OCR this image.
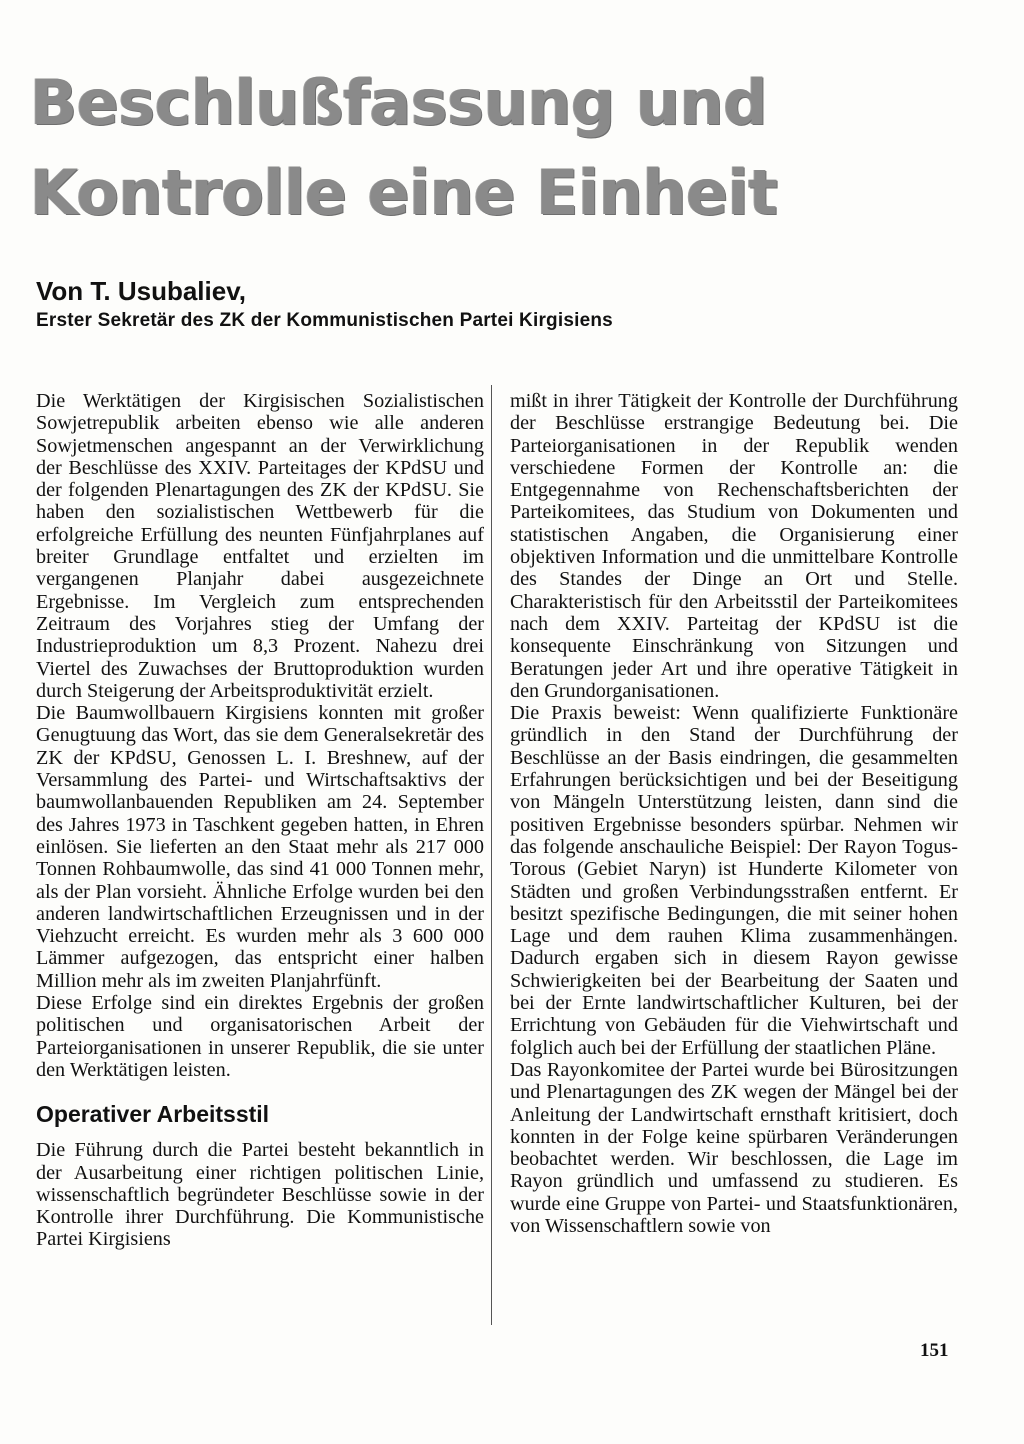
Beschlußfassung und
Kontrolle eine Einheit

Von T. Usubaliev,

Erster Sekretär des ZK der Kommunistischen Partei Kirgisiens

Die Werktätigen der Kirgisischen Sozialistischen Sowjetrepublik arbeiten ebenso wie alle anderen Sowjetmenschen angespannt an der Verwirklichung der Beschlüsse des XXIV. Parteitages der KPdSU und der folgenden Plenartagungen des ZK der KPdSU. Sie haben den sozialistischen Wettbewerb für die erfolgreiche Erfüllung des neunten Fünfjahrplanes auf breiter Grundlage entfaltet und erzielten im vergangenen Planjahr dabei ausgezeichnete Ergebnisse. Im Vergleich zum entsprechenden Zeitraum des Vorjahres stieg der Umfang der Industrieproduktion um 8,3 Prozent. Nahezu drei Viertel des Zuwachses der Bruttoproduktion wurden durch Steigerung der Arbeitsproduktivität erzielt.

Die Baumwollbauern Kirgisiens konnten mit großer Genugtuung das Wort, das sie dem Generalsekretär des ZK der KPdSU, Genossen L. I. Breshnew, auf der Versammlung des Partei- und Wirtschaftsaktivs der baumwollanbauenden Republiken am 24. September des Jahres 1973 in Taschkent gegeben hatten, in Ehren einlösen. Sie lieferten an den Staat mehr als 217 000 Tonnen Rohbaumwolle, das sind 41 000 Tonnen mehr, als der Plan vorsieht. Ähnliche Erfolge wurden bei den anderen landwirtschaftlichen Erzeugnissen und in der Viehzucht erreicht. Es wurden mehr als 3 600 000 Lämmer aufgezogen, das entspricht einer halben Million mehr als im zweiten Planjahrfünft.

Diese Erfolge sind ein direktes Ergebnis der großen politischen und organisatorischen Arbeit der Parteiorganisationen in unserer Republik, die sie unter den Werktätigen leisten.

Operativer Arbeitsstil

Die Führung durch die Partei besteht bekanntlich in der Ausarbeitung einer richtigen politischen Linie, wissenschaftlich begründeter Beschlüsse sowie in der Kontrolle ihrer Durchführung. Die Kommunistische Partei Kirgisiens

mißt in ihrer Tätigkeit der Kontrolle der Durchführung der Beschlüsse erstrangige Bedeutung bei. Die Parteiorganisationen in der Republik wenden verschiedene Formen der Kontrolle an: die Entgegennahme von Rechenschaftsberichten der Parteikomitees, das Studium von Dokumenten und statistischen Angaben, die Organisierung einer objektiven Information und die unmittelbare Kontrolle des Standes der Dinge an Ort und Stelle. Charakteristisch für den Arbeitsstil der Parteikomitees nach dem XXIV. Parteitag der KPdSU ist die konsequente Einschränkung von Sitzungen und Beratungen jeder Art und ihre operative Tätigkeit in den Grundorganisationen.

Die Praxis beweist: Wenn qualifizierte Funktionäre gründlich in den Stand der Durchführung der Beschlüsse an der Basis eindringen, die gesammelten Erfahrungen berücksichtigen und bei der Beseitigung von Mängeln Unterstützung leisten, dann sind die positiven Ergebnisse besonders spürbar. Nehmen wir das folgende anschauliche Beispiel: Der Rayon Togus-Torous (Gebiet Naryn) ist Hunderte Kilometer von Städten und großen Verbindungsstraßen entfernt. Er besitzt spezifische Bedingungen, die mit seiner hohen Lage und dem rauhen Klima zusammenhängen. Dadurch ergaben sich in diesem Rayon gewisse Schwierigkeiten bei der Bearbeitung der Saaten und bei der Ernte landwirtschaftlicher Kulturen, bei der Errichtung von Gebäuden für die Viehwirtschaft und folglich auch bei der Erfüllung der staatlichen Pläne.

Das Rayonkomitee der Partei wurde bei Bürositzungen und Plenartagungen des ZK wegen der Mängel bei der Anleitung der Landwirtschaft ernsthaft kritisiert, doch konnten in der Folge keine spürbaren Veränderungen beobachtet werden. Wir beschlossen, die Lage im Rayon gründlich und umfassend zu studieren. Es wurde eine Gruppe von Partei- und Staatsfunktionären, von Wissenschaftlern sowie von

151
